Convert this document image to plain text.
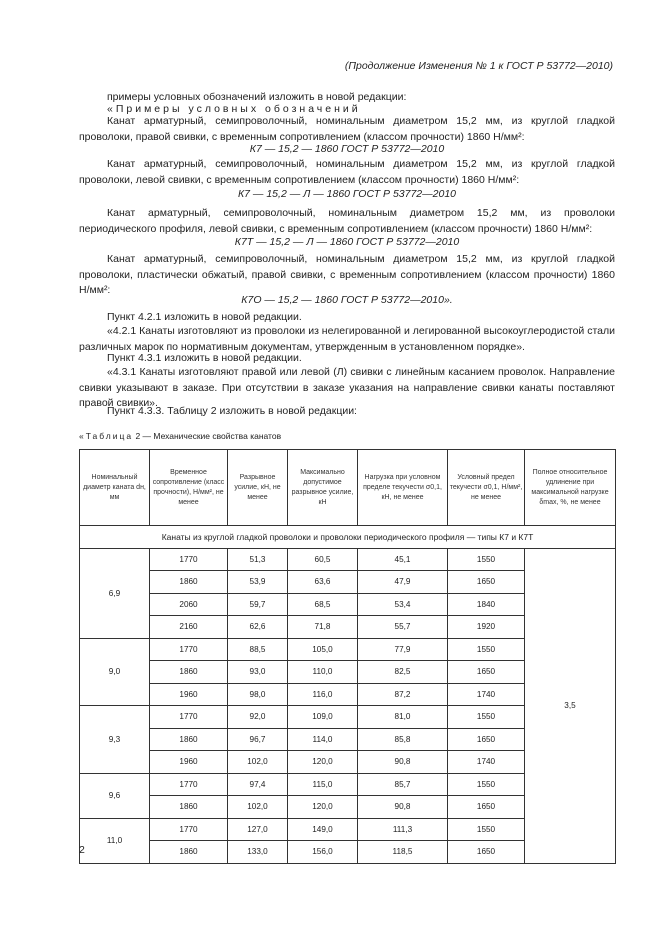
(Продолжение Изменения № 1 к ГОСТ Р 53772—2010)
примеры условных обозначений изложить в новой редакции:
«Примеры условных обозначений
Канат арматурный, семипроволочный, номинальным диаметром 15,2 мм, из круглой гладкой проволоки, правой свивки, с временным сопротивлением (классом прочности) 1860 Н/мм²:
К7 — 15,2 — 1860 ГОСТ Р 53772—2010
Канат арматурный, семипроволочный, номинальным диаметром 15,2 мм, из круглой гладкой проволоки, левой свивки, с временным сопротивлением (классом прочности) 1860 Н/мм²:
К7 — 15,2 — Л — 1860 ГОСТ Р 53772—2010
Канат арматурный, семипроволочный, номинальным диаметром 15,2 мм, из проволоки периодического профиля, левой свивки, с временным сопротивлением (классом прочности) 1860 Н/мм²:
К7Т — 15,2 — Л — 1860 ГОСТ Р 53772—2010
Канат арматурный, семипроволочный, номинальным диаметром 15,2 мм, из круглой гладкой проволоки, пластически обжатый, правой свивки, с временным сопротивлением (классом прочности) 1860 Н/мм²:
К7О — 15,2 — 1860 ГОСТ Р 53772—2010».
Пункт 4.2.1 изложить в новой редакции.
«4.2.1 Канаты изготовляют из проволоки из нелегированной и легированной высокоуглеродистой стали различных марок по нормативным документам, утвержденным в установленном порядке».
Пункт 4.3.1 изложить в новой редакции.
«4.3.1 Канаты изготовляют правой или левой (Л) свивки с линейным касанием проволок. Направление свивки указывают в заказе. При отсутствии в заказе указания на направление свивки канаты поставляют правой свивки».
Пункт 4.3.3. Таблицу 2 изложить в новой редакции:
«Таблица 2 — Механические свойства канатов
Номинальный диаметр каната dн, мм	Временное сопротивление (класс прочности), Н/мм², не менее	Разрывное усилие, кН, не менее	Максимально допустимое разрывное усилие, кН	Нагрузка при условном пределе текучести σ0,1, кН, не менее	Условный предел текучести σ0,1, Н/мм², не менее	Полное относительное удлинение при максимальной нагрузке δmax, %, не менее
Канаты из круглой гладкой проволоки и проволоки периодического профиля — типы К7 и К7Т						
6,9	1770	51,3	60,5	45,1	1550	3,5
	1860	53,9	63,6	47,9	1650	
	2060	59,7	68,5	53,4	1840	
	2160	62,6	71,8	55,7	1920	
9,0	1770	88,5	105,0	77,9	1550	
	1860	93,0	110,0	82,5	1650	
	1960	98,0	116,0	87,2	1740	
9,3	1770	92,0	109,0	81,0	1550	
	1860	96,7	114,0	85,8	1650	
	1960	102,0	120,0	90,8	1740	
9,6	1770	97,4	115,0	85,7	1550	
	1860	102,0	120,0	90,8	1650	
11,0	1770	127,0	149,0	111,3	1550	
	1860	133,0	156,0	118,5	1650	
2
